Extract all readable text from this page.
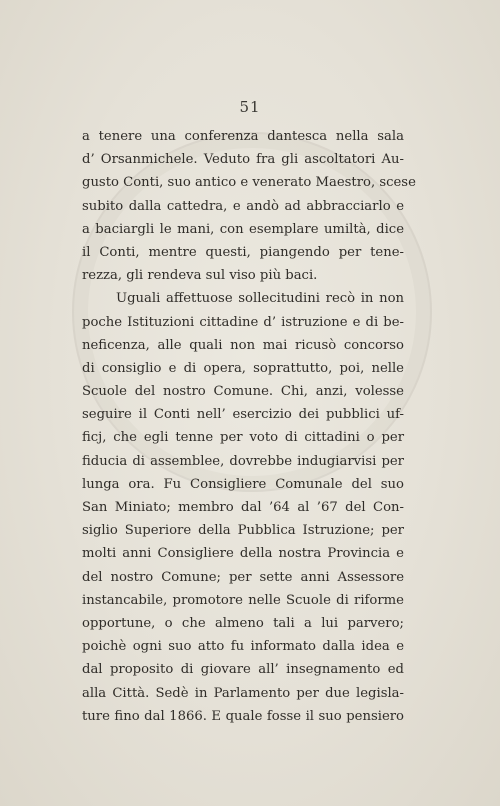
51
a tenere una conferenza dantesca nella sala
d’ Orsanmichele. Veduto fra gli ascoltatori Au-
gusto Conti, suo antico e venerato Maestro, scese
subito dalla cattedra, e andò ad abbracciarlo e
a baciargli le mani, con esemplare umiltà, dice
il Conti, mentre questi, piangendo per tene-
rezza, gli rendeva sul viso più baci.
Uguali affettuose sollecitudini recò in non
poche Istituzioni cittadine d’ istruzione e di be-
neficenza, alle quali non mai ricusò concorso
di consiglio e di opera, soprattutto, poi, nelle
Scuole del nostro Comune. Chi, anzi, volesse
seguire il Conti nell’ esercizio dei pubblici uf-
ficj, che egli tenne per voto di cittadini o per
fiducia di assemblee, dovrebbe indugiarvisi per
lunga ora. Fu Consigliere Comunale del suo
San Miniato; membro dal ’64 al ’67 del Con-
siglio Superiore della Pubblica Istruzione; per
molti anni Consigliere della nostra Provincia e
del nostro Comune; per sette anni Assessore
instancabile, promotore nelle Scuole di riforme
opportune, o che almeno tali a lui parvero;
poichè ogni suo atto fu informato dalla idea e
dal proposito di giovare all’ insegnamento ed
alla Città. Sedè in Parlamento per due legisla-
ture fino dal 1866. E quale fosse il suo pensiero
